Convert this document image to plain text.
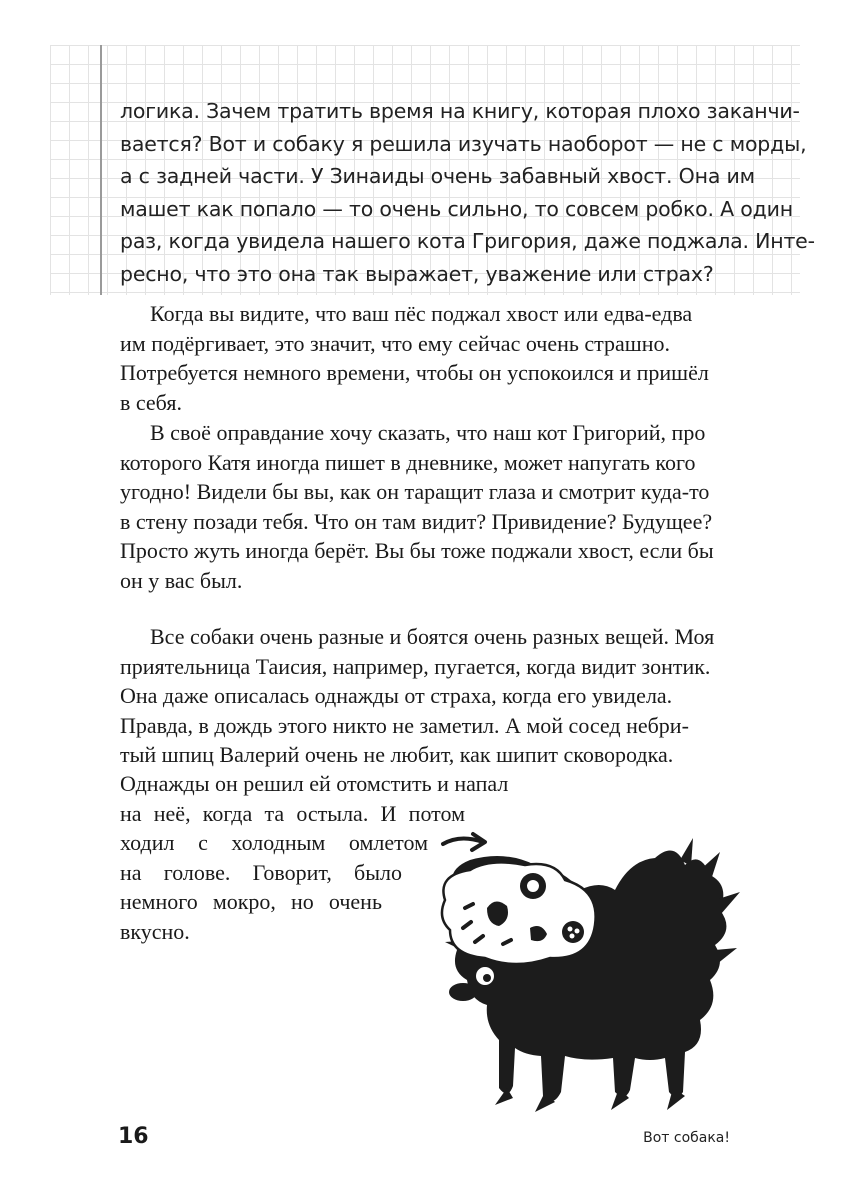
логика. Зачем тратить время на книгу, которая плохо заканчи-
вается? Вот и собаку я решила изучать наоборот — не с морды,
а с задней части. У Зинаиды очень забавный хвост. Она им
машет как попало — то очень сильно, то совсем робко. А один
раз, когда увидела нашего кота Григория, даже поджала. Инте-
ресно, что это она так выражает, уважение или страх?
Когда вы видите, что ваш пёс поджал хвост или едва-едва
им подёргивает, это значит, что ему сейчас очень страшно.
Потребуется немного времени, чтобы он успокоился и пришёл
в себя.
В своё оправдание хочу сказать, что наш кот Григорий, про
которого Катя иногда пишет в дневнике, может напугать кого
угодно! Видели бы вы, как он таращит глаза и смотрит куда-то
в стену позади тебя. Что он там видит? Привидение? Будущее?
Просто жуть иногда берёт. Вы бы тоже поджали хвост, если бы
он у вас был.
Все собаки очень разные и боятся очень разных вещей. Моя
приятельница Таисия, например, пугается, когда видит зонтик.
Она даже описалась однажды от страха, когда его увидела.
Правда, в дождь этого никто не заметил. А мой сосед небри-
тый шпиц Валерий очень не любит, как шипит сковородка.
Однажды он решил ей отомстить и напал
на неё, когда та остыла. И потом
ходил с холодным омлетом
на голове. Говорит, было
немного мокро, но очень
вкусно.
16	Вот собака!
